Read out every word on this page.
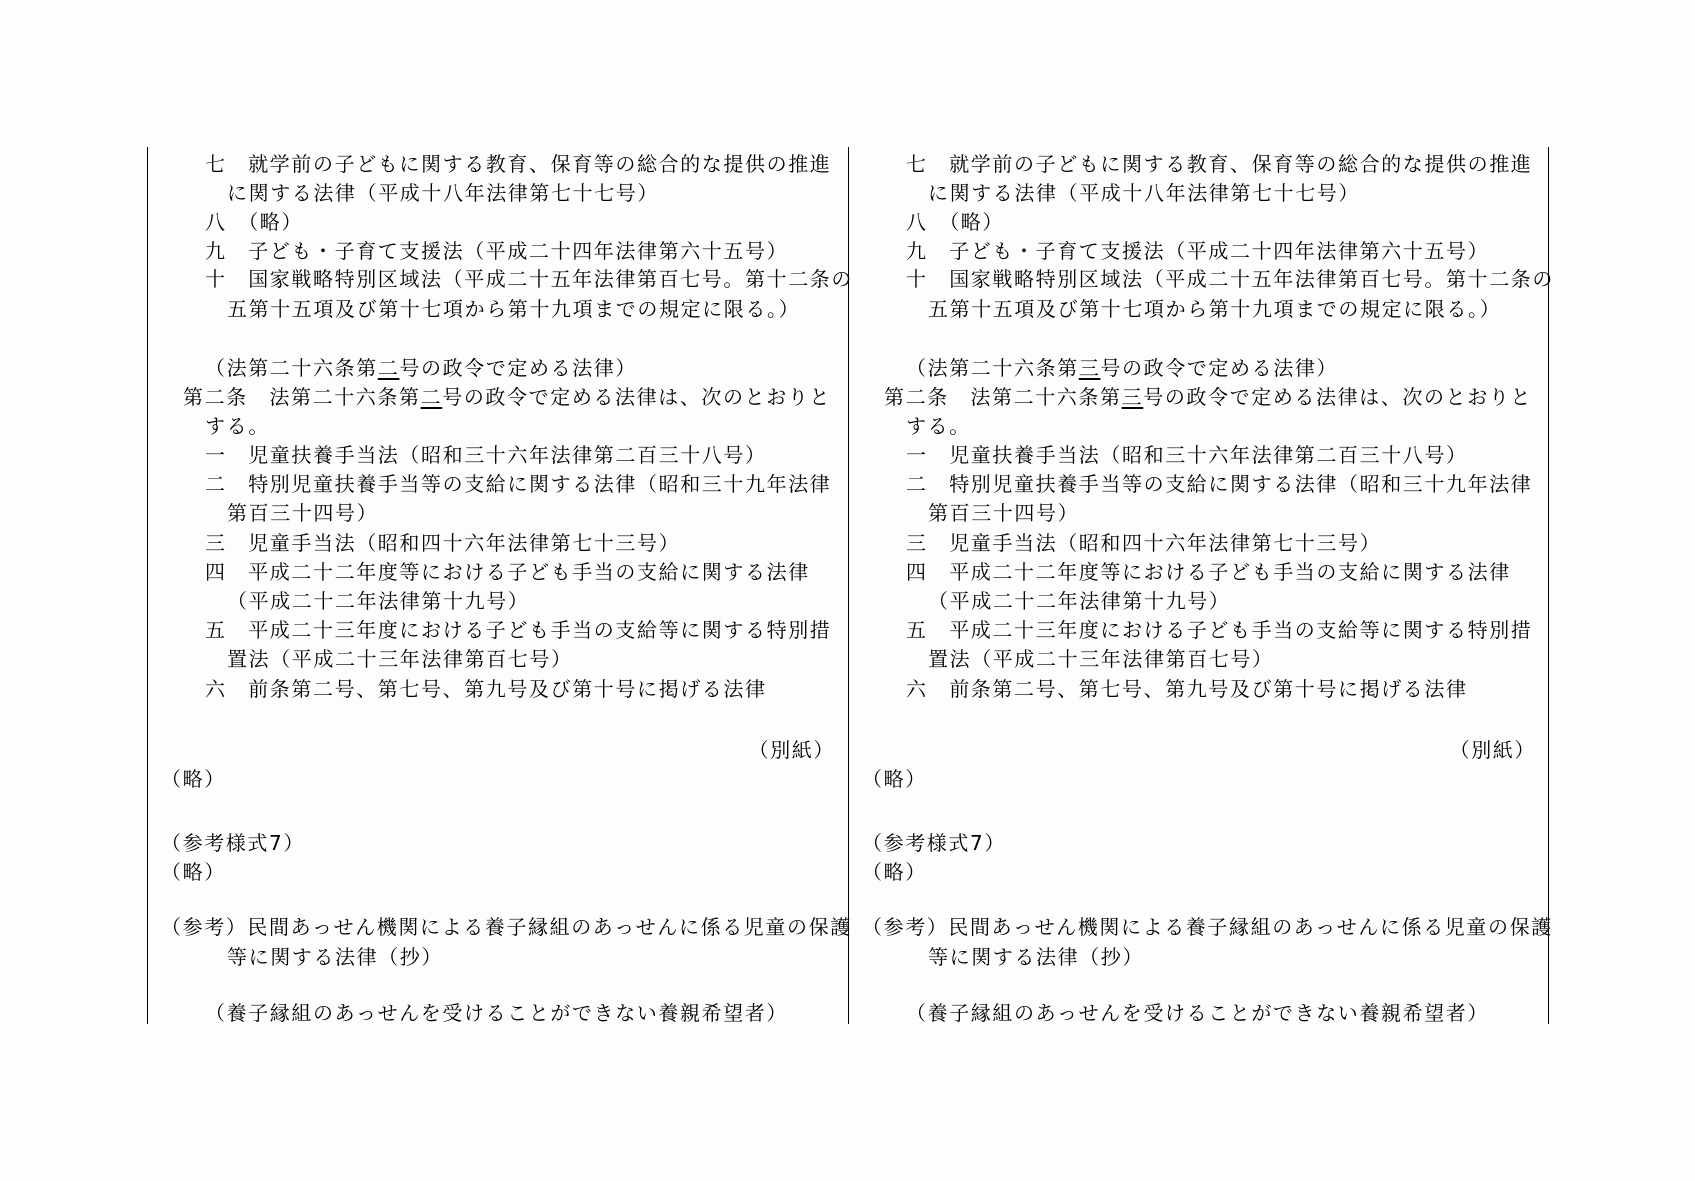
七　就学前の子どもに関する教育、保育等の総合的な提供の推進
に関する法律（平成十八年法律第七十七号）
八　（略）
九　子ども・子育て支援法（平成二十四年法律第六十五号）
十　国家戦略特別区域法（平成二十五年法律第百七号。第十二条の
五第十五項及び第十七項から第十九項までの規定に限る。）
（法第二十六条第二号の政令で定める法律）
第二条　法第二十六条第二号の政令で定める法律は、次のとおりと
する。
一　児童扶養手当法（昭和三十六年法律第二百三十八号）
二　特別児童扶養手当等の支給に関する法律（昭和三十九年法律
第百三十四号）
三　児童手当法（昭和四十六年法律第七十三号）
四　平成二十二年度等における子ども手当の支給に関する法律
（平成二十二年法律第十九号）
五　平成二十三年度における子ども手当の支給等に関する特別措
置法（平成二十三年法律第百七号）
六　前条第二号、第七号、第九号及び第十号に掲げる法律
（別紙）
（略）
（参考様式7）
（略）
（参考）民間あっせん機関による養子縁組のあっせんに係る児童の保護
等に関する法律（抄）
（養子縁組のあっせんを受けることができない養親希望者）
七　就学前の子どもに関する教育、保育等の総合的な提供の推進
に関する法律（平成十八年法律第七十七号）
八　（略）
九　子ども・子育て支援法（平成二十四年法律第六十五号）
十　国家戦略特別区域法（平成二十五年法律第百七号。第十二条の
五第十五項及び第十七項から第十九項までの規定に限る。）
（法第二十六条第三号の政令で定める法律）
第二条　法第二十六条第三号の政令で定める法律は、次のとおりと
する。
一　児童扶養手当法（昭和三十六年法律第二百三十八号）
二　特別児童扶養手当等の支給に関する法律（昭和三十九年法律
第百三十四号）
三　児童手当法（昭和四十六年法律第七十三号）
四　平成二十二年度等における子ども手当の支給に関する法律
（平成二十二年法律第十九号）
五　平成二十三年度における子ども手当の支給等に関する特別措
置法（平成二十三年法律第百七号）
六　前条第二号、第七号、第九号及び第十号に掲げる法律
（別紙）
（略）
（参考様式7）
（略）
（参考）民間あっせん機関による養子縁組のあっせんに係る児童の保護
等に関する法律（抄）
（養子縁組のあっせんを受けることができない養親希望者）
